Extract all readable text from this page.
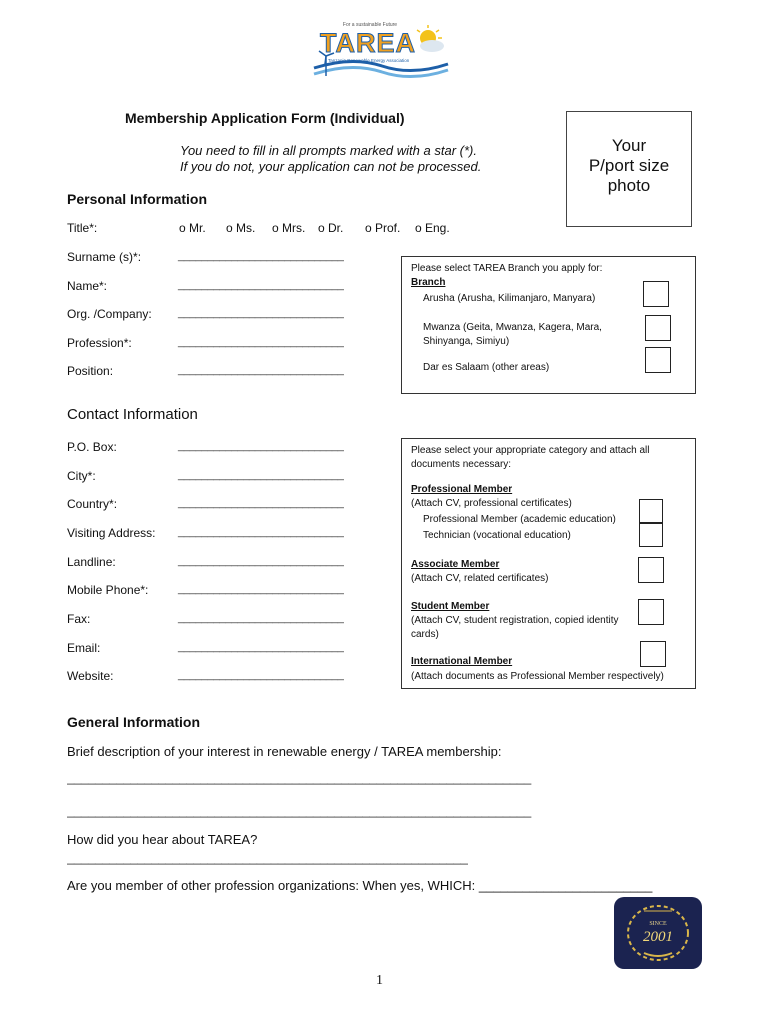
For a sustainable Future
TAREA
Tanzania Renewable Energy Association
Membership Application Form (Individual)
You need to fill in all prompts marked with a star (*).
If you do not, your application can not be processed.
Your
P/port size
photo
Personal Information
Title*:	o Mr. o Ms. o Mrs. o Dr. o Prof. o Eng.
Surname (s)*:	____________________________
Name*:	____________________________
Org. /Company: ____________________________
Profession*:	____________________________
Position:	____________________________
Please select TAREA Branch you apply for:
Branch
Arusha (Arusha, Kilimanjaro, Manyara)
Mwanza (Geita, Mwanza, Kagera, Mara,
Shinyanga, Simiyu)
Dar es Salaam (other areas)
Contact Information
P.O. Box:	____________________________
City*:	____________________________
Country*:	____________________________
Visiting Address: ____________________________
Landline:	____________________________
Mobile Phone*:	____________________________
Fax:	____________________________
Email:	____________________________
Website:	____________________________
Please select your appropriate category and attach all
documents necessary:
Professional Member
(Attach CV, professional certificates)
Professional Member (academic education)
Technician (vocational education)
Associate Member
(Attach CV, related certificates)
Student Member
(Attach CV, student registration, copied identity
cards)
International Member
(Attach documents as Professional Member respectively)
General Information
Brief description of your interest in renewable energy / TAREA membership:
__________________________________________________________________
__________________________________________________________________
How did you hear about TAREA?
_________________________________________________________
Are you member of other profession organizations: When yes, WHICH: ________________________
SINCE
2001
1
